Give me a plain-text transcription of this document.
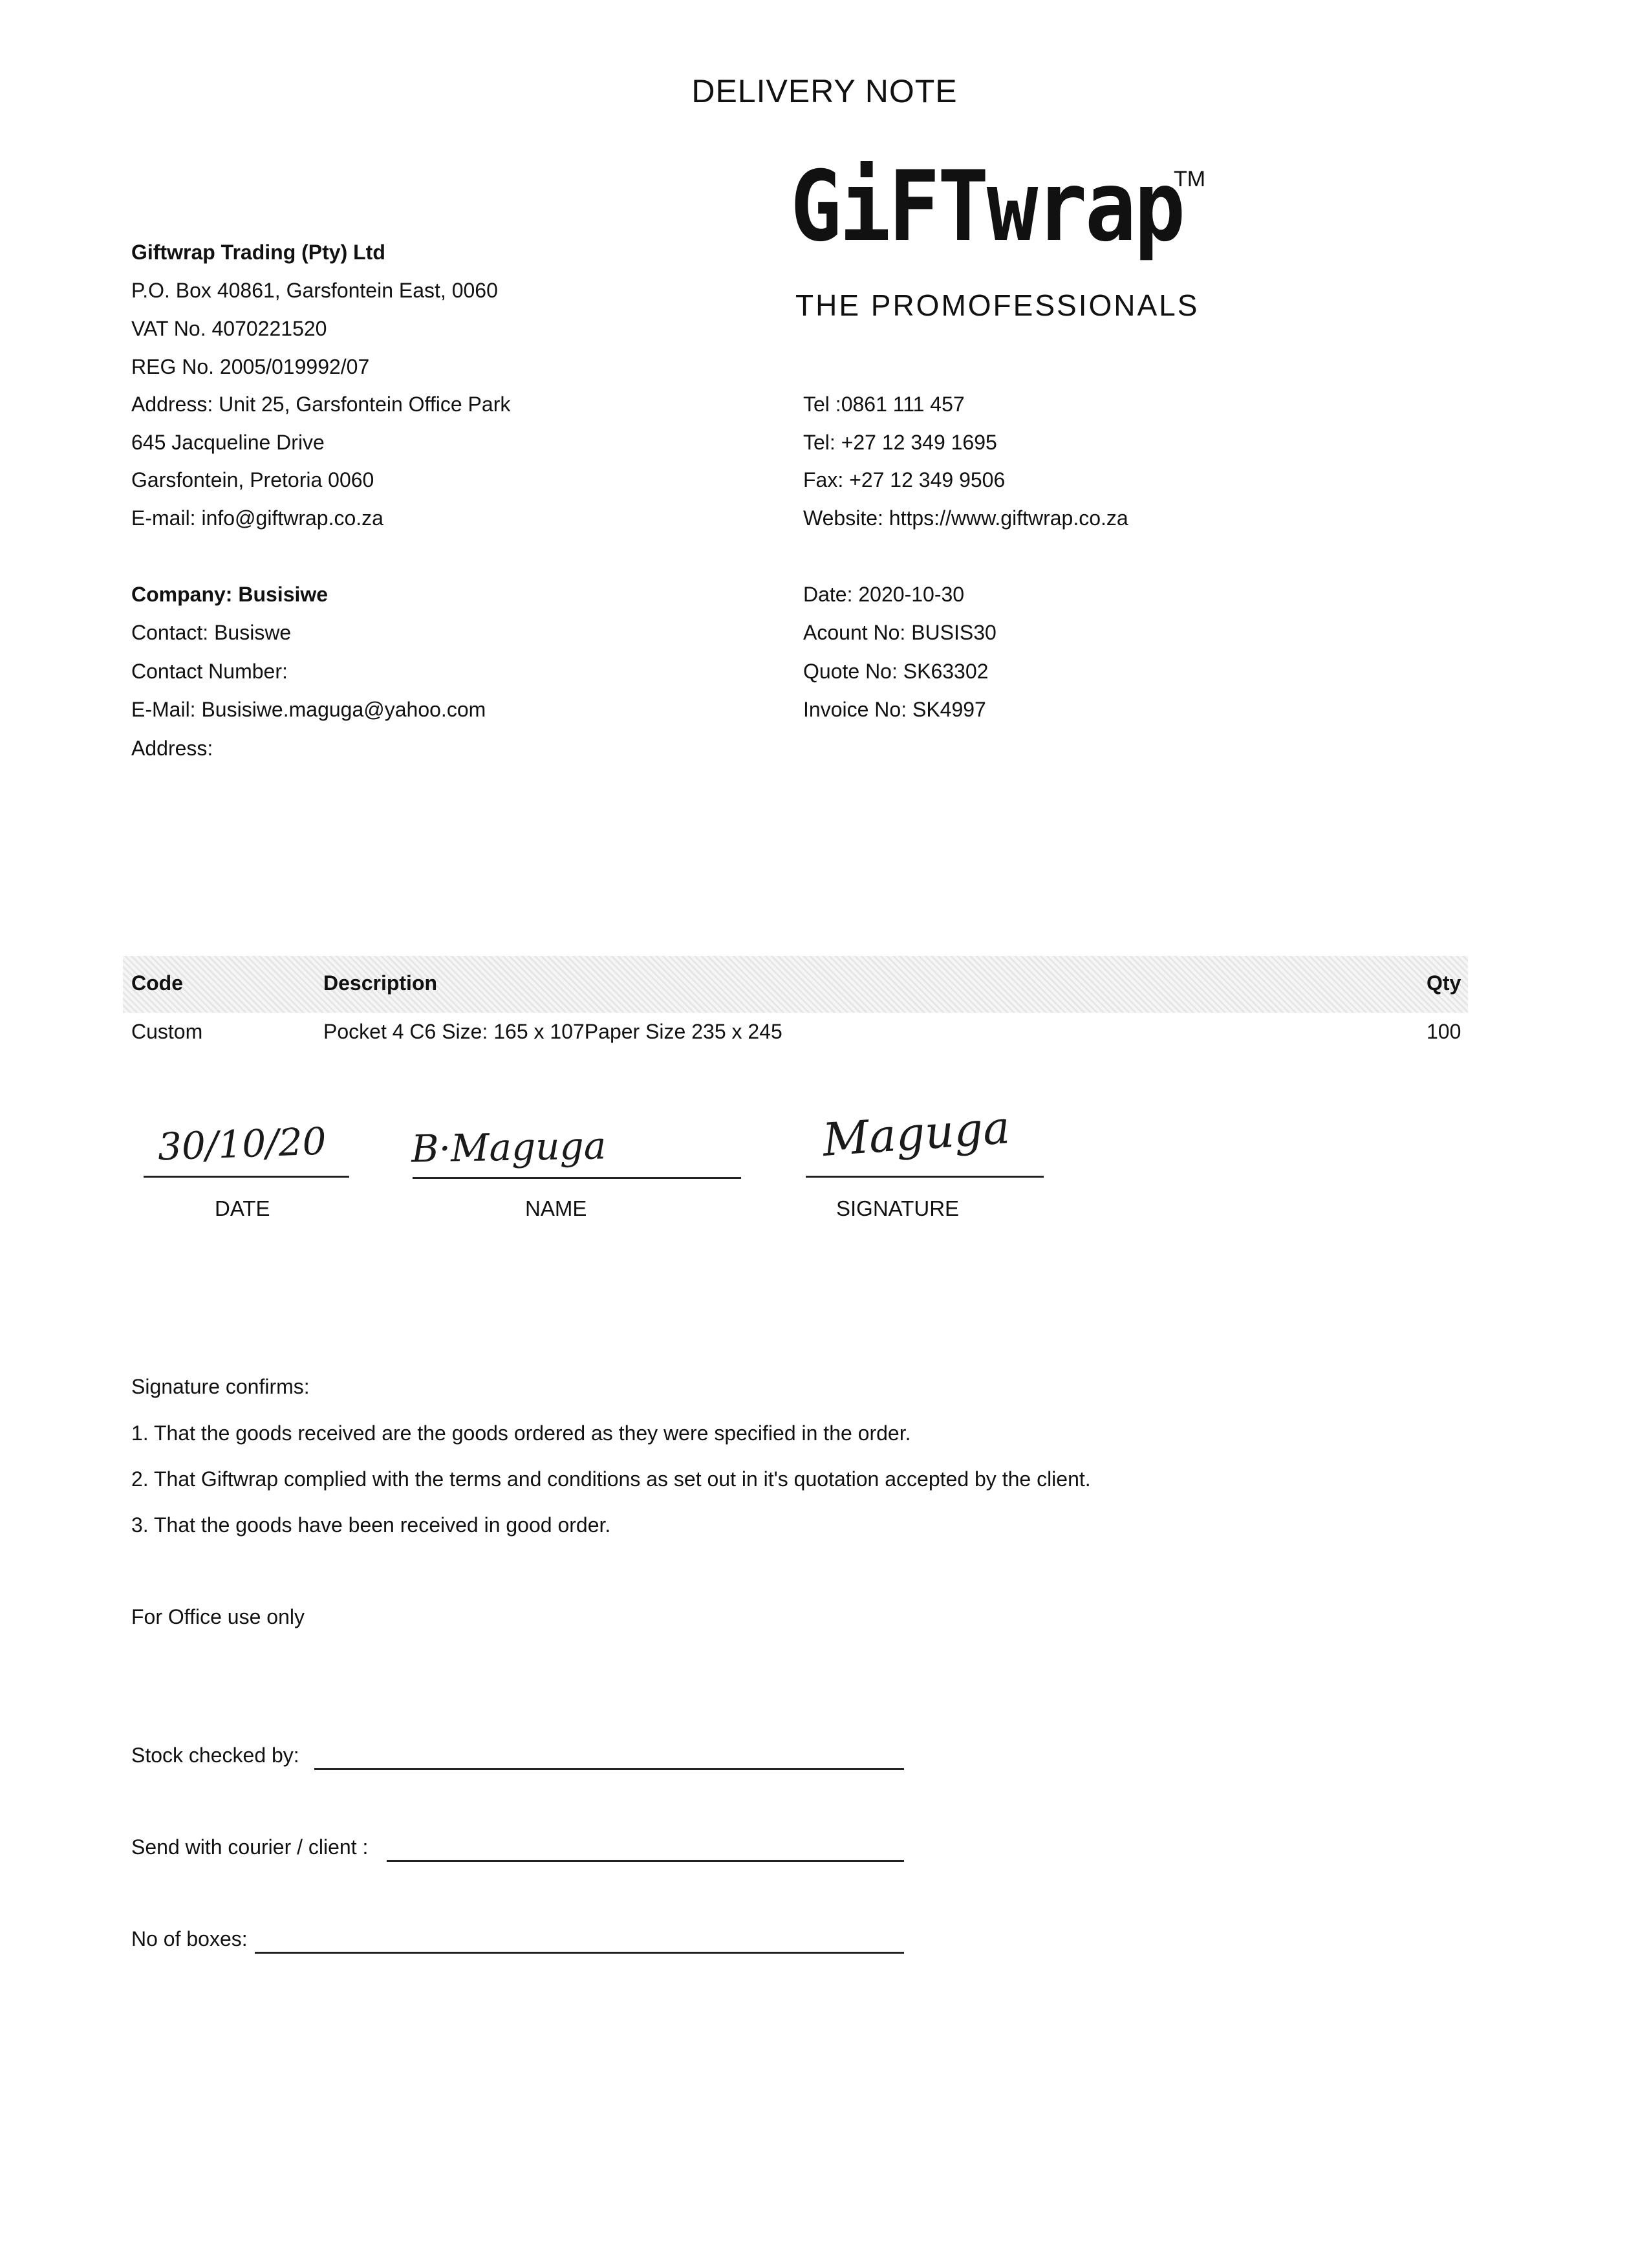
DELIVERY NOTE
GiFTwrap
TM
THE PROMOFESSIONALS
Giftwrap Trading (Pty) Ltd
P.O. Box 40861, Garsfontein East, 0060
VAT No. 4070221520
REG No. 2005/019992/07
Address: Unit 25, Garsfontein Office Park
645 Jacqueline Drive
Garsfontein, Pretoria 0060
E-mail: info@giftwrap.co.za
Tel :0861 111 457
Tel: +27 12 349 1695
Fax: +27 12 349 9506
Website: https://www.giftwrap.co.za
Company: Busisiwe
Contact: Busiswe
Contact Number:
E-Mail: Busisiwe.maguga@yahoo.com
Address:
Date: 2020-10-30
Acount No: BUSIS30
Quote No: SK63302
Invoice No: SK4997
Code	Description	Qty
Custom	Pocket 4 C6 Size: 165 x 107Paper Size 235 x 245	100
30/10/20
DATE
B·Maguga
NAME
Maguga
SIGNATURE
Signature confirms:
1. That the goods received are the goods ordered as they were specified in the order.
2. That Giftwrap complied with the terms and conditions as set out in it's quotation accepted by the client.
3. That the goods have been received in good order.
For Office use only
Stock checked by:
Send with courier / client :
No of boxes:
